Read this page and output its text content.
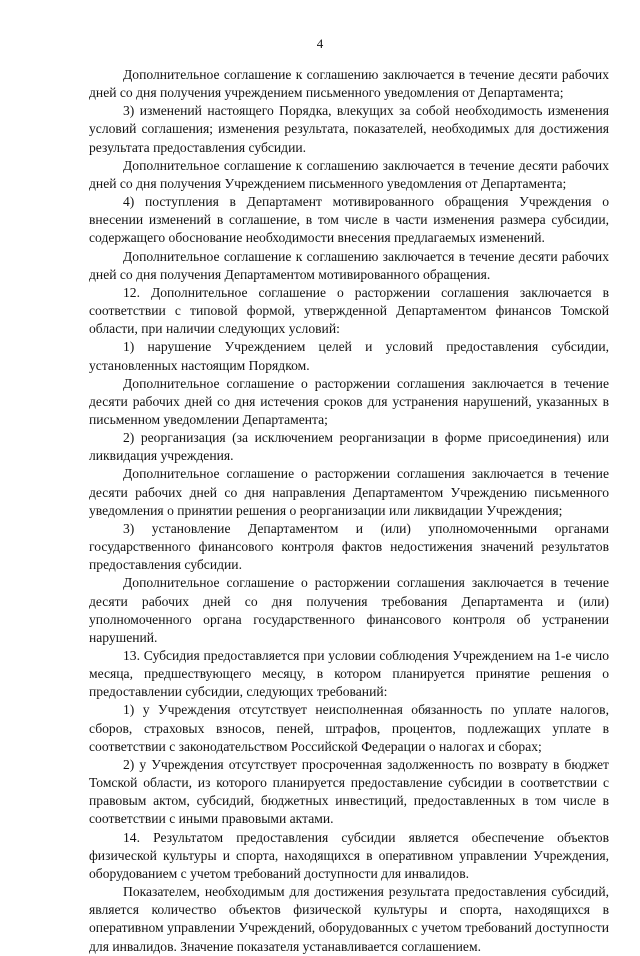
4

Дополнительное соглашение к соглашению заключается в течение десяти рабочих дней со дня получения учреждением письменного уведомления от Департамента;

3) изменений настоящего Порядка, влекущих за собой необходимость изменения условий соглашения; изменения результата, показателей, необходимых для достижения результата предоставления субсидии.

Дополнительное соглашение к соглашению заключается в течение десяти рабочих дней со дня получения Учреждением письменного уведомления от Департамента;

4) поступления в Департамент мотивированного обращения Учреждения о внесении изменений в соглашение, в том числе в части изменения размера субсидии, содержащего обоснование необходимости внесения предлагаемых изменений.

Дополнительное соглашение к соглашению заключается в течение десяти рабочих дней со дня получения Департаментом мотивированного обращения.

12. Дополнительное соглашение о расторжении соглашения заключается в соответствии с типовой формой, утвержденной Департаментом финансов Томской области, при наличии следующих условий:

1) нарушение Учреждением целей и условий предоставления субсидии, установленных настоящим Порядком.

Дополнительное соглашение о расторжении соглашения заключается в течение десяти рабочих дней со дня истечения сроков для устранения нарушений, указанных в письменном уведомлении Департамента;

2) реорганизация (за исключением реорганизации в форме присоединения) или ликвидация учреждения.

Дополнительное соглашение о расторжении соглашения заключается в течение десяти рабочих дней со дня направления Департаментом Учреждению письменного уведомления о принятии решения о реорганизации или ликвидации Учреждения;

3) установление Департаментом и (или) уполномоченными органами государственного финансового контроля фактов недостижения значений результатов предоставления субсидии.

Дополнительное соглашение о расторжении соглашения заключается в течение десяти рабочих дней со дня получения требования Департамента и (или) уполномоченного органа государственного финансового контроля об устранении нарушений.

13. Субсидия предоставляется при условии соблюдения Учреждением на 1-е число месяца, предшествующего месяцу, в котором планируется принятие решения о предоставлении субсидии, следующих требований:

1) у Учреждения отсутствует неисполненная обязанность по уплате налогов, сборов, страховых взносов, пеней, штрафов, процентов, подлежащих уплате в соответствии с законодательством Российской Федерации о налогах и сборах;

2) у Учреждения отсутствует просроченная задолженность по возврату в бюджет Томской области, из которого планируется предоставление субсидии в соответствии с правовым актом, субсидий, бюджетных инвестиций, предоставленных в том числе в соответствии с иными правовыми актами.

14. Результатом предоставления субсидии является обеспечение объектов физической культуры и спорта, находящихся в оперативном управлении Учреждения, оборудованием с учетом требований доступности для инвалидов.

Показателем, необходимым для достижения результата предоставления субсидий, является количество объектов физической культуры и спорта, находящихся в оперативном управлении Учреждений, оборудованных с учетом требований доступности для инвалидов. Значение показателя устанавливается соглашением.
